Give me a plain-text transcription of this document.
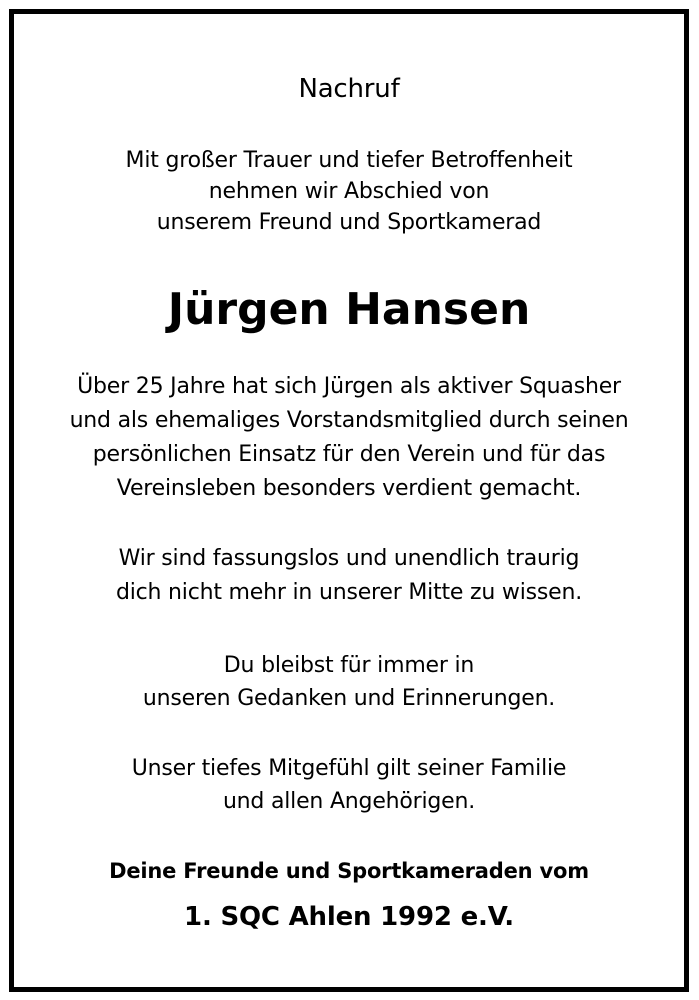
Nachruf
Mit großer Trauer und tiefer Betroffenheit
nehmen wir Abschied von
unserem Freund und Sportkamerad
Jürgen Hansen
Über 25 Jahre hat sich Jürgen als aktiver Squasher
und als ehemaliges Vorstandsmitglied durch seinen
persönlichen Einsatz für den Verein und für das
Vereinsleben besonders verdient gemacht.
Wir sind fassungslos und unendlich traurig
dich nicht mehr in unserer Mitte zu wissen.
Du bleibst für immer in
unseren Gedanken und Erinnerungen.
Unser tiefes Mitgefühl gilt seiner Familie
und allen Angehörigen.
Deine Freunde und Sportkameraden vom
1. SQC Ahlen 1992 e.V.
